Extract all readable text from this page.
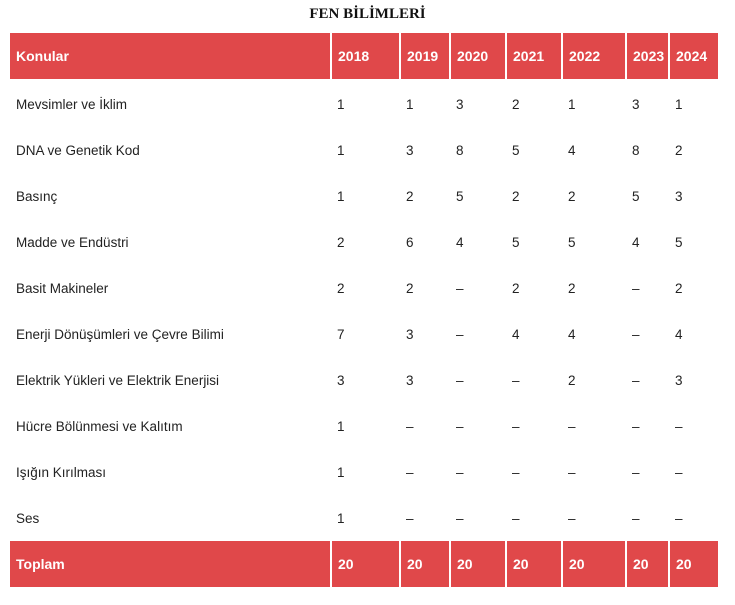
FEN BİLİMLERİ
Konular	2018	2019	2020	2021	2022	2023	2024
Mevsimler ve İklim	1	1	3	2	1	3	1
DNA ve Genetik Kod	1	3	8	5	4	8	2
Basınç	1	2	5	2	2	5	3
Madde ve Endüstri	2	6	4	5	5	4	5
Basit Makineler	2	2	–	2	2	–	2
Enerji Dönüşümleri ve Çevre Bilimi	7	3	–	4	4	–	4
Elektrik Yükleri ve Elektrik Enerjisi	3	3	–	–	2	–	3
Hücre Bölünmesi ve Kalıtım	1	–	–	–	–	–	–
Işığın Kırılması	1	–	–	–	–	–	–
Ses	1	–	–	–	–	–	–
Toplam	20	20	20	20	20	20	20
